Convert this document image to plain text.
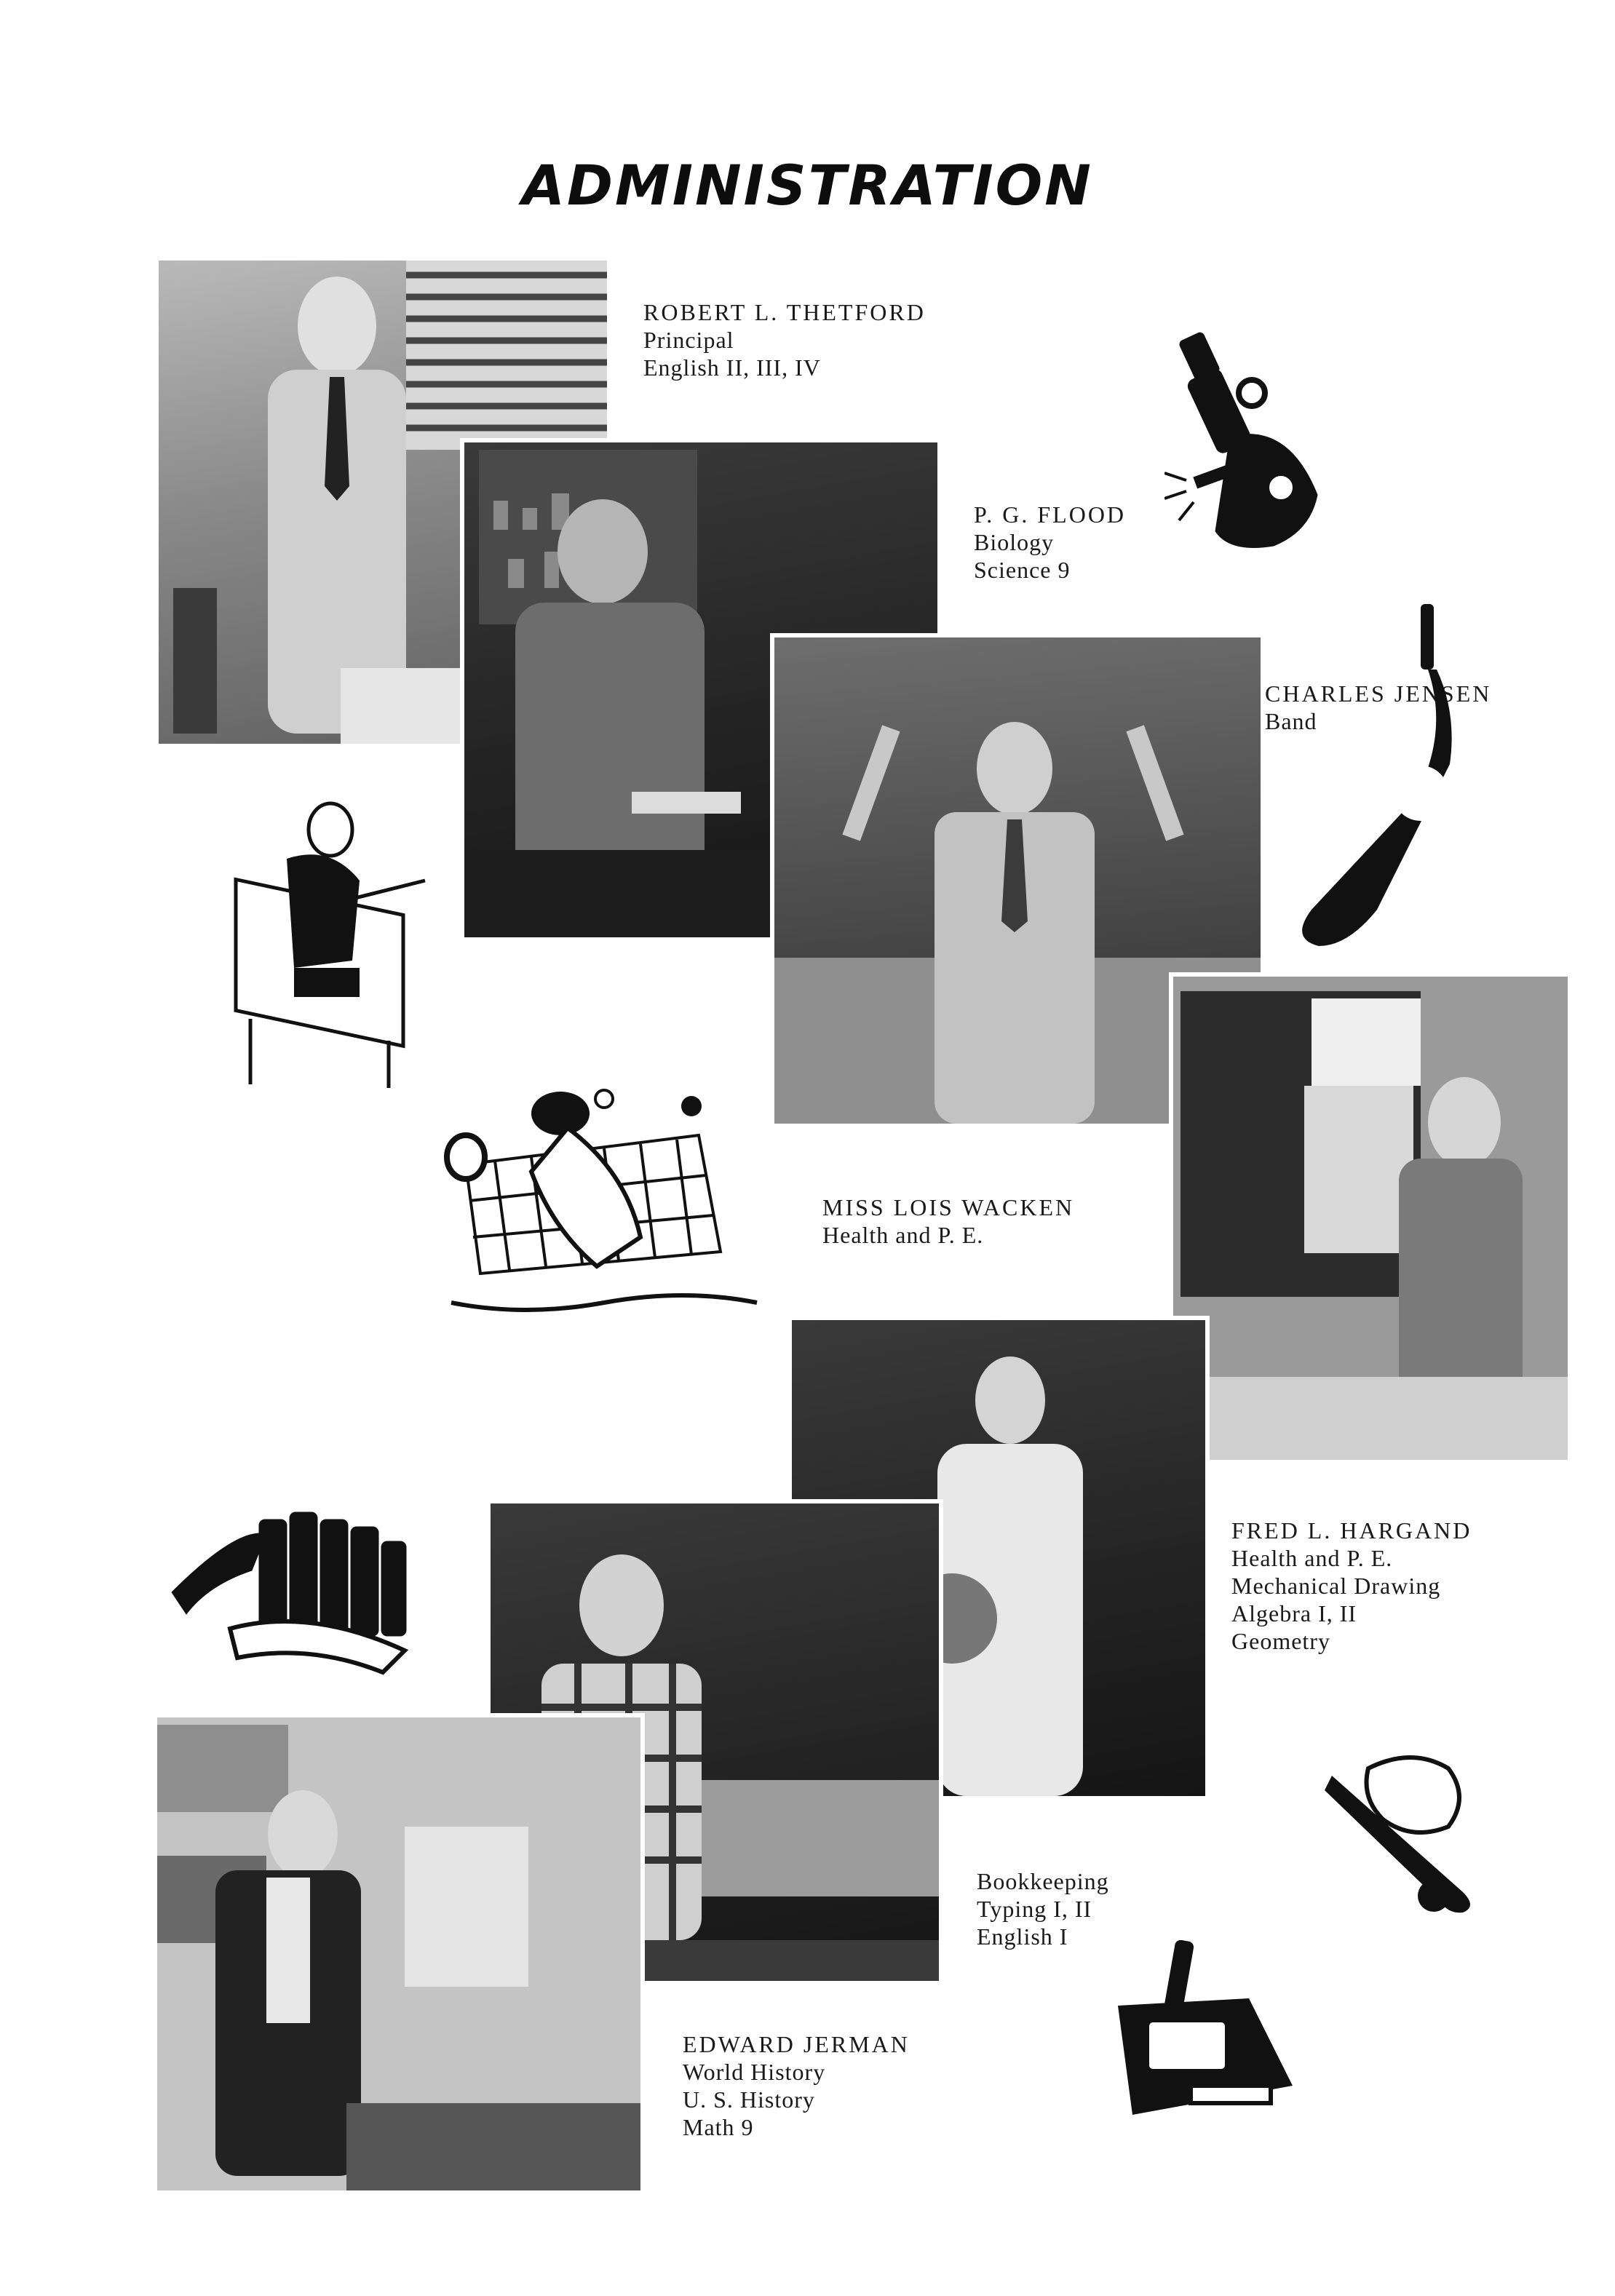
ADMINISTRATION
ROBERT L. THETFORD
Principal
English II, III, IV
P. G. FLOOD
Biology
Science 9
CHARLES JENSEN
Band
MISS LOIS WACKEN
Health and P. E.
FRED L. HARGAND
Health and P. E.
Mechanical Drawing
Algebra I, II
Geometry
Bookkeeping
Typing I, II
English I
EDWARD JERMAN
World History
U. S. History
Math 9
